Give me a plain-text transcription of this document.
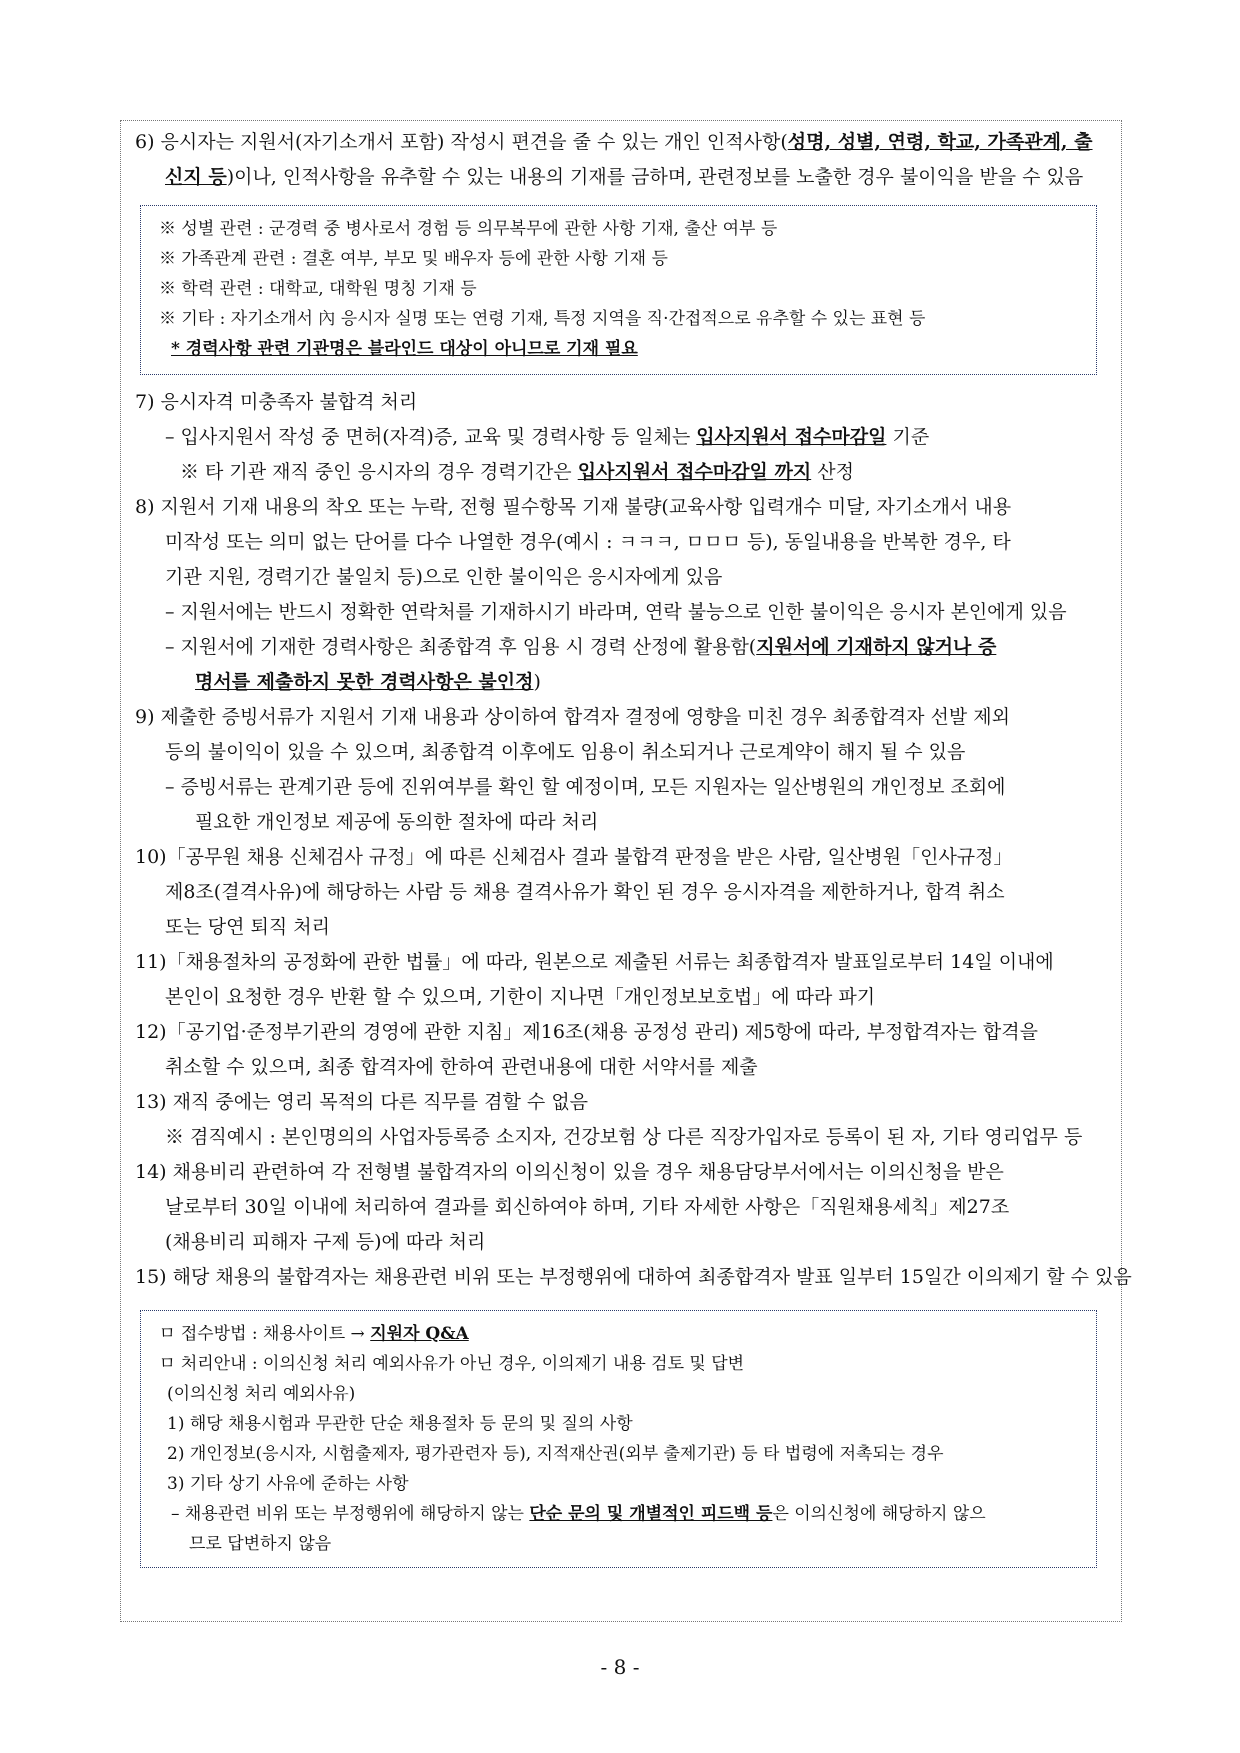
6) 응시자는 지원서(자기소개서 포함) 작성시 편견을 줄 수 있는 개인 인적사항(성명, 성별, 연령, 학교, 가족관계, 출
신지 등)이나, 인적사항을 유추할 수 있는 내용의 기재를 금하며, 관련정보를 노출한 경우 불이익을 받을 수 있음
※ 성별 관련 : 군경력 중 병사로서 경험 등 의무복무에 관한 사항 기재, 출산 여부 등
※ 가족관계 관련 : 결혼 여부, 부모 및 배우자 등에 관한 사항 기재 등
※ 학력 관련 : 대학교, 대학원 명칭 기재 등
※ 기타 : 자기소개서 內 응시자 실명 또는 연령 기재, 특정 지역을 직·간접적으로 유추할 수 있는 표현 등
* 경력사항 관련 기관명은 블라인드 대상이 아니므로 기재 필요
7) 응시자격 미충족자 불합격 처리
– 입사지원서 작성 중 면허(자격)증, 교육 및 경력사항 등 일체는 입사지원서 접수마감일 기준
※ 타 기관 재직 중인 응시자의 경우 경력기간은 입사지원서 접수마감일 까지 산정
8) 지원서 기재 내용의 착오 또는 누락, 전형 필수항목 기재 불량(교육사항 입력개수 미달, 자기소개서 내용
미작성 또는 의미 없는 단어를 다수 나열한 경우(예시 : ㅋㅋㅋ, ㅁㅁㅁ 등), 동일내용을 반복한 경우, 타
기관 지원, 경력기간 불일치 등)으로 인한 불이익은 응시자에게 있음
– 지원서에는 반드시 정확한 연락처를 기재하시기 바라며, 연락 불능으로 인한 불이익은 응시자 본인에게 있음
– 지원서에 기재한 경력사항은 최종합격 후 임용 시 경력 산정에 활용함(지원서에 기재하지 않거나 증
명서를 제출하지 못한 경력사항은 불인정)
9) 제출한 증빙서류가 지원서 기재 내용과 상이하여 합격자 결정에 영향을 미친 경우 최종합격자 선발 제외
등의 불이익이 있을 수 있으며, 최종합격 이후에도 임용이 취소되거나 근로계약이 해지 될 수 있음
– 증빙서류는 관계기관 등에 진위여부를 확인 할 예정이며, 모든 지원자는 일산병원의 개인정보 조회에
필요한 개인정보 제공에 동의한 절차에 따라 처리
10)「공무원 채용 신체검사 규정」에 따른 신체검사 결과 불합격 판정을 받은 사람, 일산병원「인사규정」
제8조(결격사유)에 해당하는 사람 등 채용 결격사유가 확인 된 경우 응시자격을 제한하거나, 합격 취소
또는 당연 퇴직 처리
11)「채용절차의 공정화에 관한 법률」에 따라, 원본으로 제출된 서류는 최종합격자 발표일로부터 14일 이내에
본인이 요청한 경우 반환 할 수 있으며, 기한이 지나면「개인정보보호법」에 따라 파기
12)「공기업·준정부기관의 경영에 관한 지침」제16조(채용 공정성 관리) 제5항에 따라, 부정합격자는 합격을
취소할 수 있으며, 최종 합격자에 한하여 관련내용에 대한 서약서를 제출
13) 재직 중에는 영리 목적의 다른 직무를 겸할 수 없음
※ 겸직예시 : 본인명의의 사업자등록증 소지자, 건강보험 상 다른 직장가입자로 등록이 된 자, 기타 영리업무 등
14) 채용비리 관련하여 각 전형별 불합격자의 이의신청이 있을 경우 채용담당부서에서는 이의신청을 받은
날로부터 30일 이내에 처리하여 결과를 회신하여야 하며, 기타 자세한 사항은「직원채용세칙」제27조
(채용비리 피해자 구제 등)에 따라 처리
15) 해당 채용의 불합격자는 채용관련 비위 또는 부정행위에 대하여 최종합격자 발표 일부터 15일간 이의제기 할 수 있음
ㅁ 접수방법 : 채용사이트 → 지원자 Q&A
ㅁ 처리안내 : 이의신청 처리 예외사유가 아닌 경우, 이의제기 내용 검토 및 답변
(이의신청 처리 예외사유)
1) 해당 채용시험과 무관한 단순 채용절차 등 문의 및 질의 사항
2) 개인정보(응시자, 시험출제자, 평가관련자 등), 지적재산권(외부 출제기관) 등 타 법령에 저촉되는 경우
3) 기타 상기 사유에 준하는 사항
– 채용관련 비위 또는 부정행위에 해당하지 않는 단순 문의 및 개별적인 피드백 등은 이의신청에 해당하지 않으
므로 답변하지 않음
- 8 -
